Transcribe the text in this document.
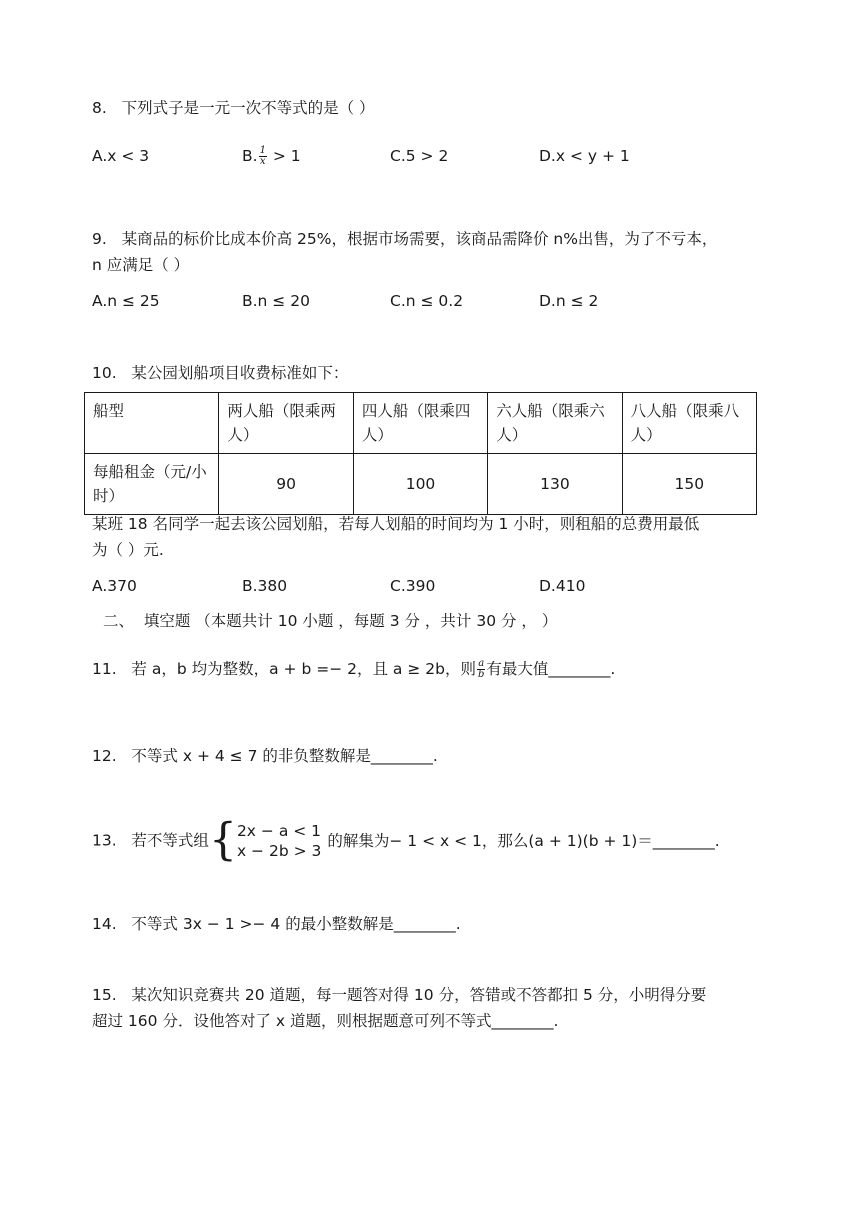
8.   下列式子是一元一次不等式的是（ ）
A.x < 3	B. $\frac{1}{x} > 1$	C.5 > 2	D.x < y + 1
9.   某商品的标价比成本价高 25%，根据市场需要，该商品需降价 n%出售，为了不亏本，
n 应满足（ ）
A.n ≤ 25	B.n ≤ 20	C.n ≤ 0.2	D.n ≤ 2
10.   某公园划船项目收费标准如下：
船型	两人船（限乘两人）	四人船（限乘四人）	六人船（限乘六人）	八人船（限乘八人）
每船租金（元/小时）	90	100	130	150
某班 18 名同学一起去该公园划船，若每人划船的时间均为 1 小时，则租船的总费用最低
为（ ）元.
A.370	B.380	C.390	D.410
二、  填空题 （本题共计 10 小题 ，每题 3 分 ，共计 30 分 ， ）
11.   若 a，b 均为整数，a + b =− 2，且 a ≥ 2b，则 $\frac{a}{b}$ 有最大值________.
12.   不等式 x + 4 ≤ 7 的非负整数解是________.
13.   若不等式组{ 2x − a < 1
x − 2b > 3
的解集为− 1 < x < 1，那么(a + 1)(b + 1)＝________.
14.   不等式 3x − 1 >− 4 的最小整数解是________.
15.   某次知识竞赛共 20 道题，每一题答对得 10 分，答错或不答都扣 5 分，小明得分要
超过 160 分．设他答对了 x 道题，则根据题意可列不等式________.
